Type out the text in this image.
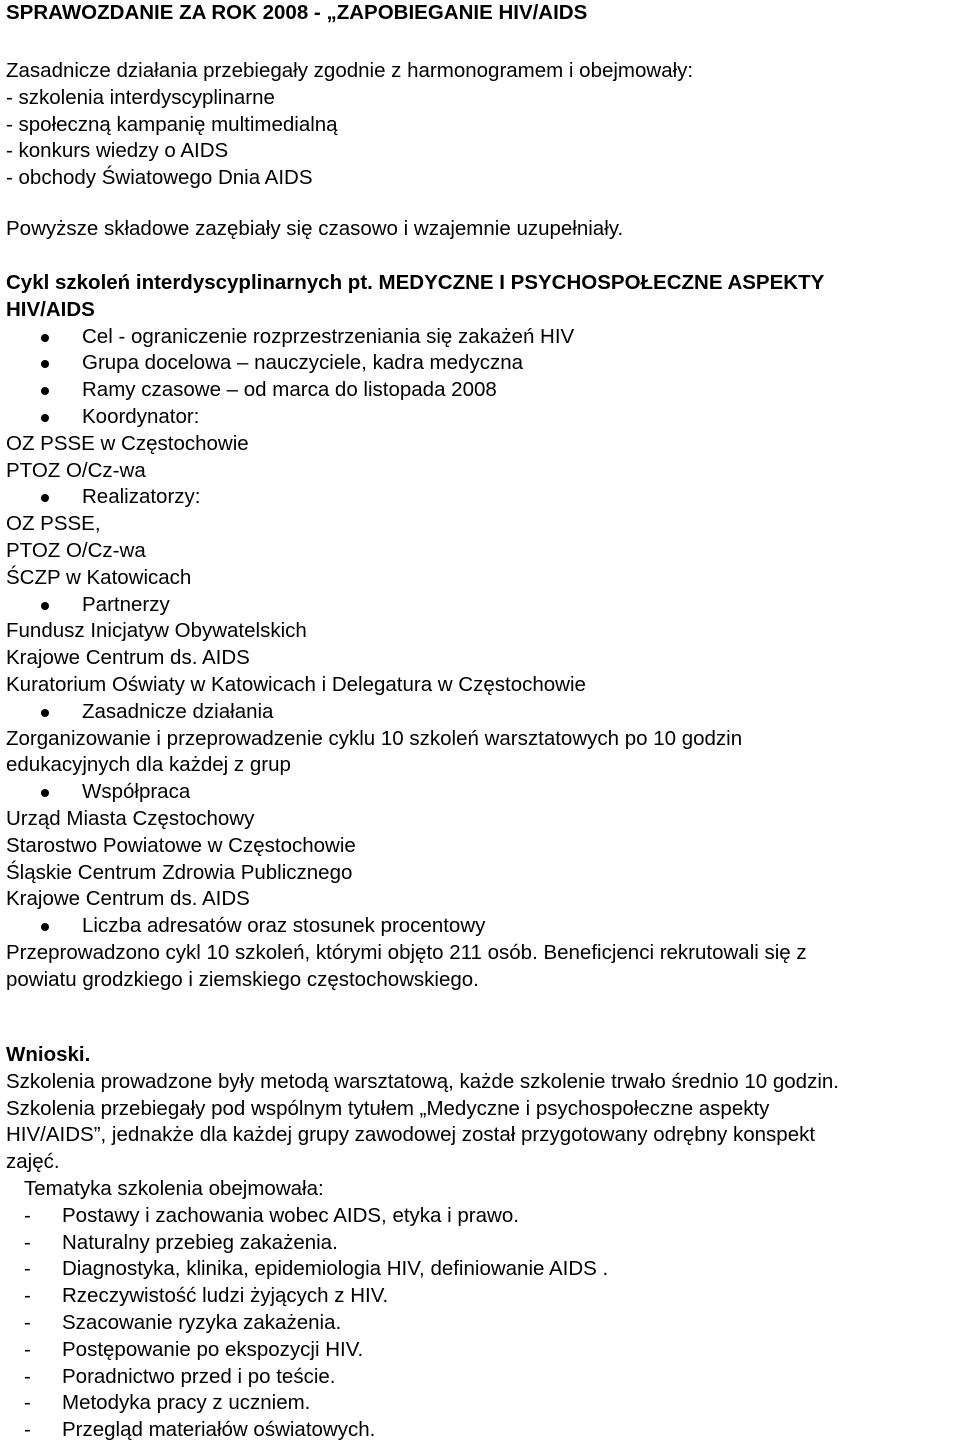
SPRAWOZDANIE ZA ROK 2008 - „ZAPOBIEGANIE HIV/AIDS

Zasadnicze działania przebiegały zgodnie z harmonogramem i obejmowały:

- szkolenia interdyscyplinarne

- społeczną kampanię multimedialną

- konkurs wiedzy o AIDS

- obchody Światowego Dnia AIDS

Powyższe składowe zazębiały się czasowo i wzajemnie uzupełniały.

Cykl szkoleń interdyscyplinarnych pt. MEDYCZNE I PSYCHOSPOŁECZNE ASPEKTY

HIV/AIDS

Cel - ograniczenie rozprzestrzeniania się zakażeń HIV

Grupa docelowa – nauczyciele, kadra medyczna

Ramy czasowe – od marca do listopada 2008

Koordynator:

OZ PSSE w Częstochowie

PTOZ O/Cz-wa

Realizatorzy:

OZ PSSE,

PTOZ O/Cz-wa

ŚCZP w Katowicach

Partnerzy

Fundusz Inicjatyw Obywatelskich

Krajowe Centrum ds. AIDS

Kuratorium Oświaty w Katowicach i Delegatura w Częstochowie

Zasadnicze działania

Zorganizowanie i przeprowadzenie cyklu 10 szkoleń warsztatowych po 10 godzin

edukacyjnych dla każdej z grup

Współpraca

Urząd Miasta Częstochowy

Starostwo Powiatowe w Częstochowie

Śląskie Centrum Zdrowia Publicznego

Krajowe Centrum ds. AIDS

Liczba adresatów oraz stosunek procentowy

Przeprowadzono cykl 10 szkoleń, którymi objęto 211 osób. Beneficjenci rekrutowali się z

powiatu grodzkiego i ziemskiego częstochowskiego.

Wnioski.

Szkolenia prowadzone były metodą warsztatową, każde szkolenie trwało średnio 10 godzin.

Szkolenia przebiegały pod wspólnym tytułem „Medyczne i psychospołeczne aspekty

HIV/AIDS”, jednakże dla każdej grupy zawodowej został przygotowany odrębny konspekt

zajęć.

Tematyka szkolenia obejmowała:

- Postawy i zachowania wobec AIDS, etyka i prawo.

- Naturalny przebieg zakażenia.

- Diagnostyka, klinika, epidemiologia HIV, definiowanie AIDS .

- Rzeczywistość ludzi żyjących z HIV.

- Szacowanie ryzyka zakażenia.

- Postępowanie po ekspozycji HIV.

- Poradnictwo przed i po teście.

- Metodyka pracy z uczniem.

- Przegląd materiałów oświatowych.
